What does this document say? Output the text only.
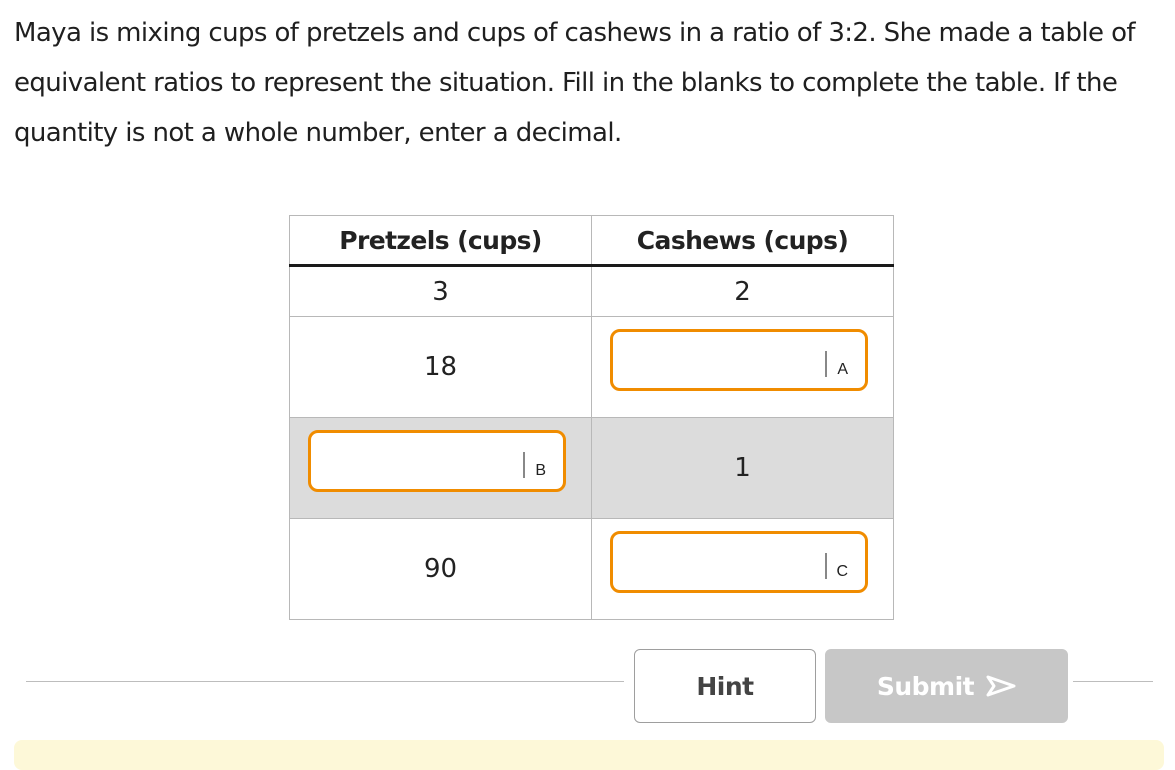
Maya is mixing cups of pretzels and cups of cashews in a ratio of 3:2. She made a table of equivalent ratios to represent the situation. Fill in the blanks to complete the table. If the quantity is not a whole number, enter a decimal.

Pretzels (cups)	Cashews (cups)
3	2
18	A

B	1
90	C
Hint	Submit
